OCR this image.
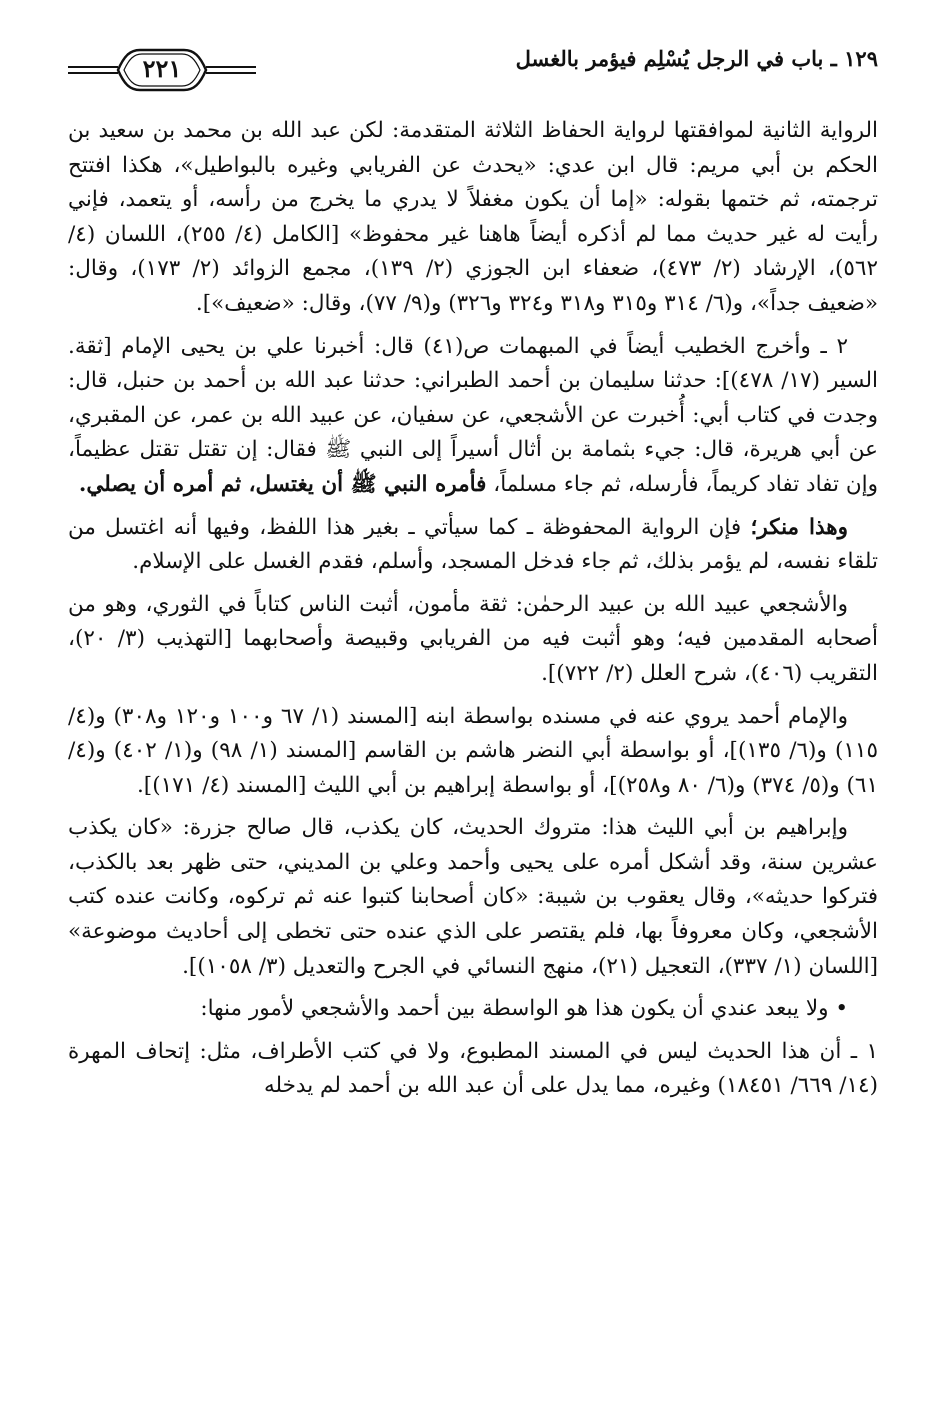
١٢٩ ـ باب في الرجل يُسْلِم فيؤمر بالغسل
٢٢١

الرواية الثانية لموافقتها لرواية الحفاظ الثلاثة المتقدمة: لكن عبد الله بن محمد بن سعيد بن الحكم بن أبي مريم: قال ابن عدي: «يحدث عن الفريابي وغيره بالبواطيل»، هكذا افتتح ترجمته، ثم ختمها بقوله: «إما أن يكون مغفلاً لا يدري ما يخرج من رأسه، أو يتعمد، فإني رأيت له غير حديث مما لم أذكره أيضاً هاهنا غير محفوظ» [الكامل (٤/ ٢٥٥)، اللسان (٤/ ٥٦٢)، الإرشاد (٢/ ٤٧٣)، ضعفاء ابن الجوزي (٢/ ١٣٩)، مجمع الزوائد (٢/ ١٧٣)، وقال: «ضعيف جداً»، و(٦/ ٣١٤ و٣١٥ و٣١٨ و٣٢٤ و٣٢٦) و(٩/ ٧٧)، وقال: «ضعيف»].

٢ ـ وأخرج الخطيب أيضاً في المبهمات ص(٤١) قال: أخبرنا علي بن يحيى الإمام [ثقة. السير (١٧/ ٤٧٨)]: حدثنا سليمان بن أحمد الطبراني: حدثنا عبد الله بن أحمد بن حنبل، قال: وجدت في كتاب أبي: أُخبرت عن الأشجعي، عن سفيان، عن عبيد الله بن عمر، عن المقبري، عن أبي هريرة، قال: جيء بثمامة بن أثال أسيراً إلى النبي ﷺ فقال: إن تقتل تقتل عظيماً، وإن تفاد تفاد كريماً، فأرسله، ثم جاء مسلماً، فأمره النبي ﷺ أن يغتسل، ثم أمره أن يصلي.

وهذا منكر؛ فإن الرواية المحفوظة ـ كما سيأتي ـ بغير هذا اللفظ، وفيها أنه اغتسل من تلقاء نفسه، لم يؤمر بذلك، ثم جاء فدخل المسجد، وأسلم، فقدم الغسل على الإسلام.

والأشجعي عبيد الله بن عبيد الرحمٰن: ثقة مأمون، أثبت الناس كتاباً في الثوري، وهو من أصحابه المقدمين فيه؛ وهو أثبت فيه من الفريابي وقبيصة وأصحابهما [التهذيب (٣/ ٢٠)، التقريب (٤٠٦)، شرح العلل (٢/ ٧٢٢)].

والإمام أحمد يروي عنه في مسنده بواسطة ابنه [المسند (١/ ٦٧ و١٠٠ و١٢٠ و٣٠٨) و(٤/ ١١٥) و(٦/ ١٣٥)]، أو بواسطة أبي النضر هاشم بن القاسم [المسند (١/ ٩٨) و(١/ ٤٠٢) و(٤/ ٦١) و(٥/ ٣٧٤) و(٦/ ٨٠ و٢٥٨)]، أو بواسطة إبراهيم بن أبي الليث [المسند (٤/ ١٧١)].

وإبراهيم بن أبي الليث هذا: متروك الحديث، كان يكذب، قال صالح جزرة: «كان يكذب عشرين سنة، وقد أشكل أمره على يحيى وأحمد وعلي بن المديني، حتى ظهر بعد بالكذب، فتركوا حديثه»، وقال يعقوب بن شيبة: «كان أصحابنا كتبوا عنه ثم تركوه، وكانت عنده كتب الأشجعي، وكان معروفاً بها، فلم يقتصر على الذي عنده حتى تخطى إلى أحاديث موضوعة» [اللسان (١/ ٣٣٧)، التعجيل (٢١)، منهج النسائي في الجرح والتعديل (٣/ ١٠٥٨)].

• ولا يبعد عندي أن يكون هذا هو الواسطة بين أحمد والأشجعي لأمور منها:

١ ـ أن هذا الحديث ليس في المسند المطبوع، ولا في كتب الأطراف، مثل: إتحاف المهرة (١٤/ ٦٦٩/ ١٨٤٥١) وغيره، مما يدل على أن عبد الله بن أحمد لم يدخله
